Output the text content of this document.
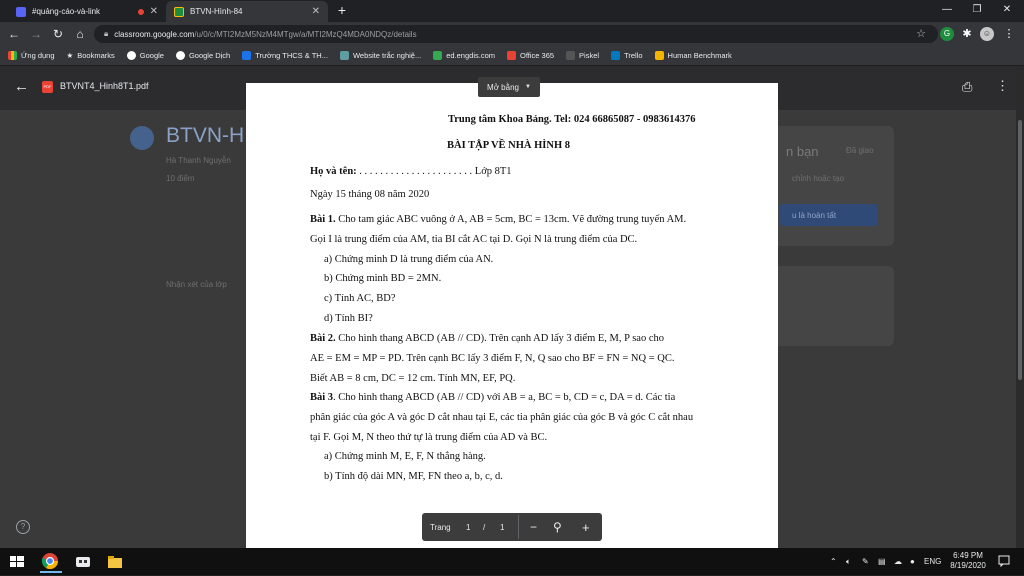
#quảng-cáo-và-link	✕	BTVN-Hình-84	✕ +	—	❐	✕
← → ↻	⌂	🔒︎ classroom.google.com/u/0/c/MTI2MzM5NzM4MTgw/a/MTI2MzQ4MDA0NDQz/details	☆	G	✱	☺ ⋮
Ứng dụng ★ Bookmarks	Google	Google Dịch	Trường THCS & TH...	Website trắc nghiệ...	ed.engdis.com	Office 365	Piskel	Trello	Human Benchmark
BTVN-H
Hà Thanh Nguyễn
10 điểm
Nhận xét của lớp
n bạn	Đã giao
chỉnh hoặc tạo
u là hoàn tất
←	PDF BTVNT4_Hinh8T1.pdf	⎙ ⋮
Trung tâm Khoa Bảng. Tel: 024 66865087 - 0983614376
BÀI TẬP VỀ NHÀ HÌNH 8
Họ và tên: . . . . . . . . . . . . . . . . . . . . . . Lớp 8T1
Ngày 15 tháng 08 năm 2020
Bài 1. Cho tam giác ABC vuông ở A, AB = 5cm, BC = 13cm. Vẽ đường trung tuyến AM.
Gọi I là trung điểm của AM, tia BI cắt AC tại D. Gọi N là trung điểm của DC.
a) Chứng minh D là trung điểm của AN.
b) Chứng minh BD = 2MN.
c) Tính AC, BD?
d) Tính BI?
Bài 2. Cho hình thang ABCD (AB // CD). Trên cạnh AD lấy 3 điểm E, M, P sao cho
AE = EM = MP = PD. Trên cạnh BC lấy 3 điểm F, N, Q sao cho BF = FN = NQ = QC.
Biết AB = 8 cm, DC = 12 cm. Tính MN, EF, PQ.
Bài 3. Cho hình thang ABCD (AB // CD) với AB = a, BC = b, CD = c, DA = d. Các tia
phân giác của góc A và góc D cắt nhau tại E, các tia phân giác của góc B và góc C cắt nhau
tại F. Gọi M, N theo thứ tự là trung điểm của AD và BC.
a) Chứng minh M, E, F, N thẳng hàng.
b) Tính độ dài MN, MF, FN theo a, b, c, d.
Mở bằng ▼
Trang 1 / 1 − ⚲ +
?
⌃ 🔈︎ ✎ ▤ ☁ ● ENG
6:49 PM
8/19/2020
